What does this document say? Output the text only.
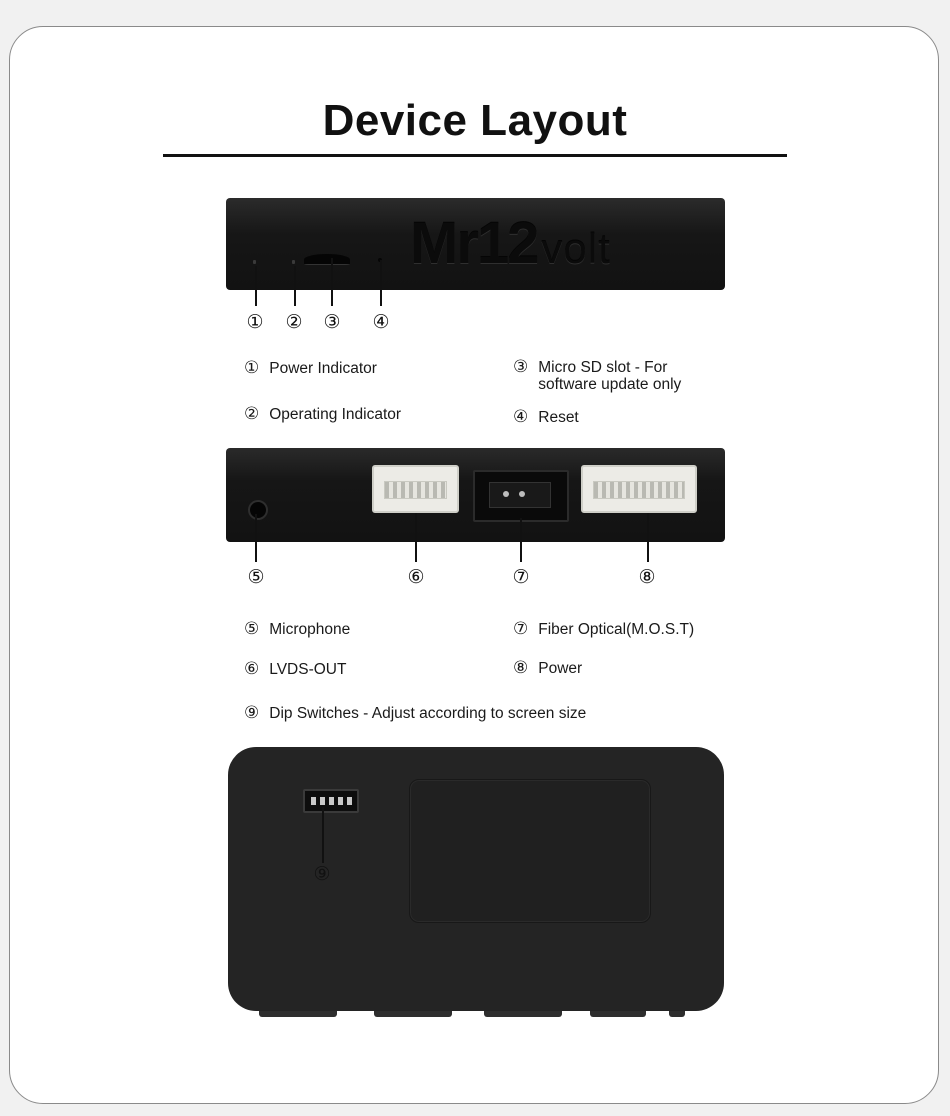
Device Layout
Mr12volt
① ② ③ ④
① Power Indicator
② Operating Indicator
③ Micro SD slot - For software update only
④ Reset
⑤	⑥	⑦	⑧
⑤ Microphone
⑥ LVDS-OUT
⑦ Fiber Optical(M.O.S.T)
⑧ Power
⑨ Dip Switches - Adjust according to screen size
⑨
